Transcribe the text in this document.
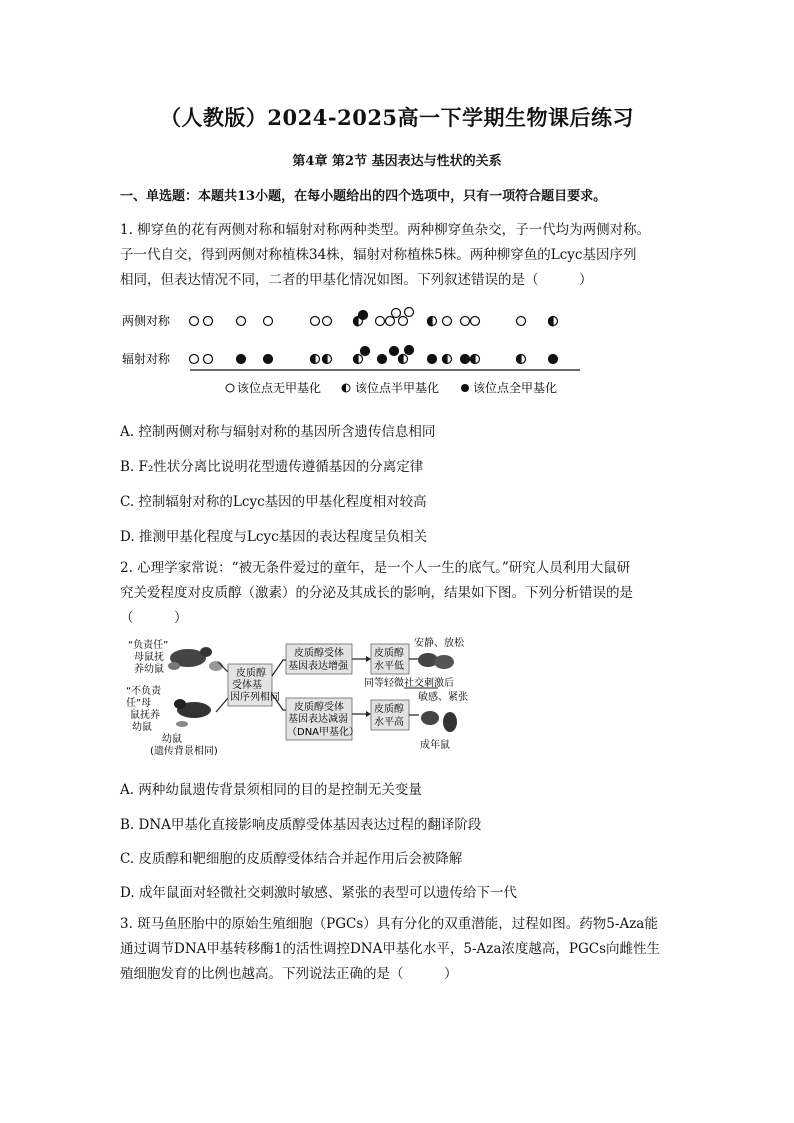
（人教版）2024-2025高一下学期生物课后练习
第4章 第2节 基因表达与性状的关系
一、单选题：本题共13小题，在每小题给出的四个选项中，只有一项符合题目要求。
1. 柳穿鱼的花有两侧对称和辐射对称两种类型。两种柳穿鱼杂交，子一代均为两侧对称。
子一代自交，得到两侧对称植株34株，辐射对称植株5株。两种柳穿鱼的Lcyc基因序列
相同，但表达情况不同，二者的甲基化情况如图。下列叙述错误的是（　　　）
两侧对称
辐射对称
该位点无甲基化	该位点半甲基化	该位点全甲基化
A. 控制两侧对称与辐射对称的基因所含遗传信息相同
B. F₂性状分离比说明花型遗传遵循基因的分离定律
C. 控制辐射对称的Lcyc基因的甲基化程度相对较高
D. 推测甲基化程度与Lcyc基因的表达程度呈负相关
2. 心理学家常说：“被无条件爱过的童年，是一个人一生的底气。”研究人员利用大鼠研
究关爱程度对皮质醇（激素）的分泌及其成长的影响，结果如下图。下列分析错误的是
（　　　）
“负责任”
母鼠抚
养幼鼠
“不负责
任”母
鼠抚养
幼鼠
幼鼠
(遗传背景相同)
皮质醇
受体基
因序列相同
皮质醇受体
基因表达增强
皮质醇受体
基因表达减弱
（DNA甲基化）
皮质醇
水平低
皮质醇
水平高
安静、放松
同等轻微社交刺激后
敏感、紧张
成年鼠
A. 两种幼鼠遗传背景须相同的目的是控制无关变量
B. DNA甲基化直接影响皮质醇受体基因表达过程的翻译阶段
C. 皮质醇和靶细胞的皮质醇受体结合并起作用后会被降解
D. 成年鼠面对轻微社交刺激时敏感、紧张的表型可以遗传给下一代
3. 斑马鱼胚胎中的原始生殖细胞（PGCs）具有分化的双重潜能，过程如图。药物5-Aza能
通过调节DNA甲基转移酶1的活性调控DNA甲基化水平，5-Aza浓度越高，PGCs向雌性生
殖细胞发育的比例也越高。下列说法正确的是（　　　）
